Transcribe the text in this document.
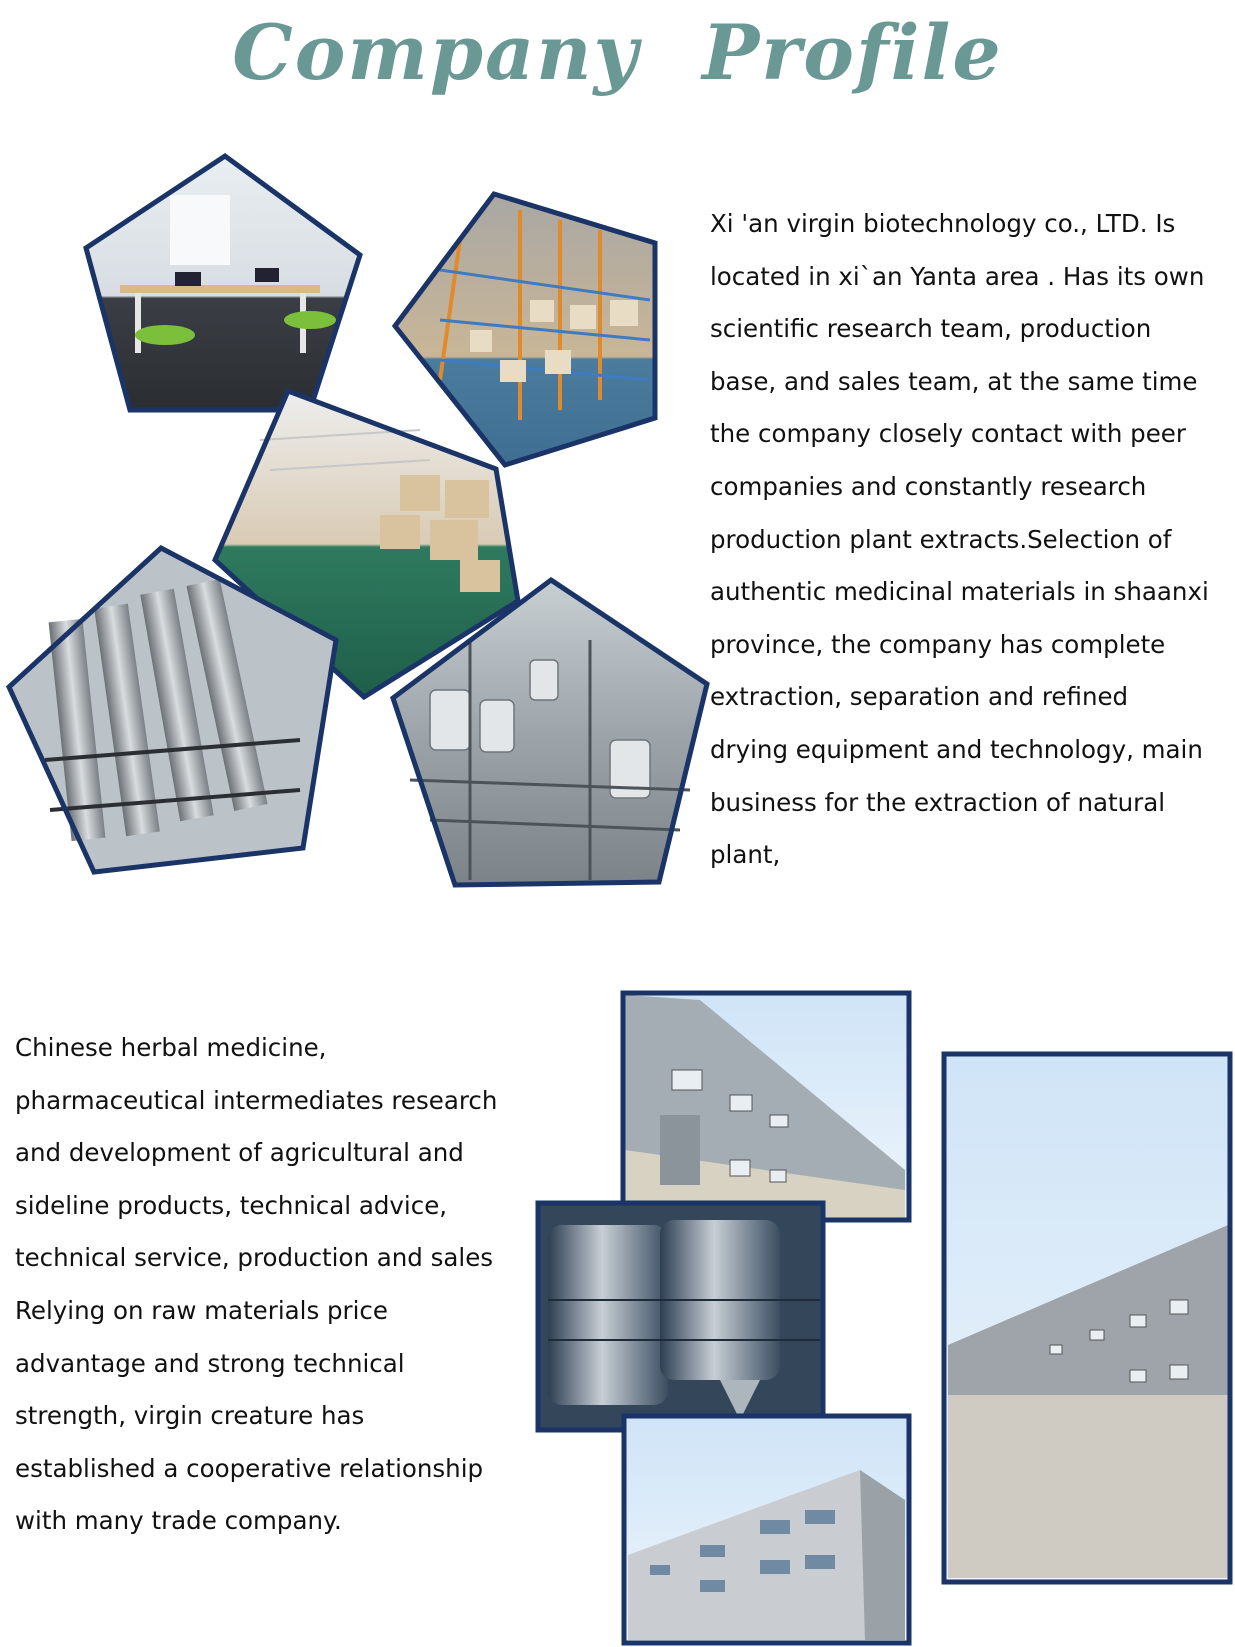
Company Profile

Xi 'an virgin biotechnology co., LTD. Is

located in xi`an Yanta area . Has its own

scientific research team, production

base, and sales team, at the same time

the company closely contact with peer

companies and constantly research

production plant extracts.Selection of

authentic medicinal materials in shaanxi

province, the company has complete

extraction, separation and refined

drying equipment and technology, main

business for the extraction of natural

plant,

Chinese herbal medicine,

pharmaceutical intermediates research

and development of agricultural and

sideline products, technical advice,

technical service, production and sales

Relying on raw materials price

advantage and strong technical

strength, virgin creature has

established a cooperative relationship

with many trade company.
